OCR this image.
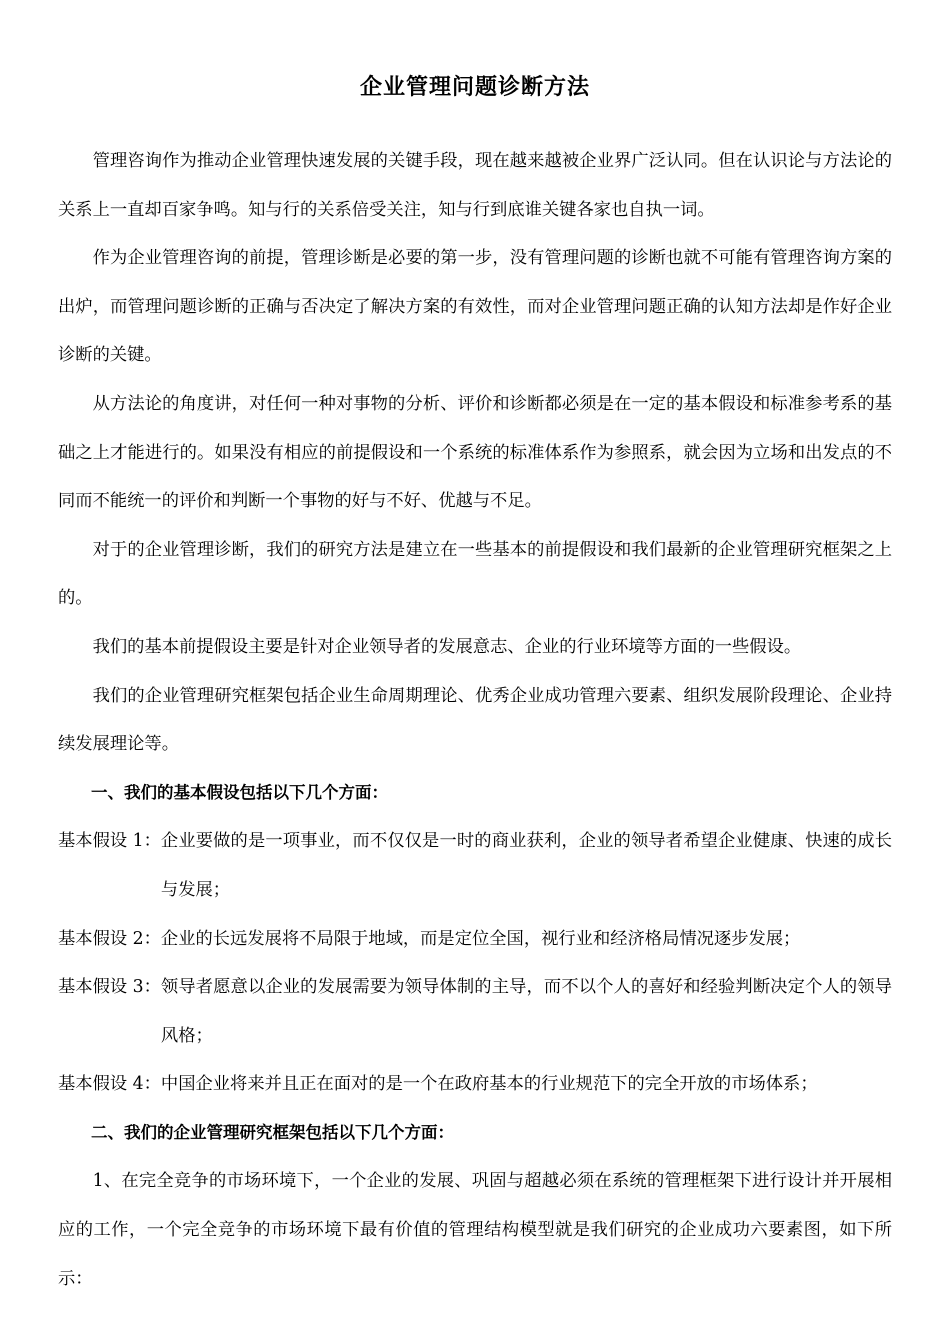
企业管理问题诊断方法

管理咨询作为推动企业管理快速发展的关键手段，现在越来越被企业界广泛认同。但在认识论与方法论的关系上一直却百家争鸣。知与行的关系倍受关注，知与行到底谁关键各家也自执一词。

作为企业管理咨询的前提，管理诊断是必要的第一步，没有管理问题的诊断也就不可能有管理咨询方案的出炉，而管理问题诊断的正确与否决定了解决方案的有效性，而对企业管理问题正确的认知方法却是作好企业诊断的关键。

从方法论的角度讲，对任何一种对事物的分析、评价和诊断都必须是在一定的基本假设和标准参考系的基础之上才能进行的。如果没有相应的前提假设和一个系统的标准体系作为参照系，就会因为立场和出发点的不同而不能统一的评价和判断一个事物的好与不好、优越与不足。

对于的企业管理诊断，我们的研究方法是建立在一些基本的前提假设和我们最新的企业管理研究框架之上的。

我们的基本前提假设主要是针对企业领导者的发展意志、企业的行业环境等方面的一些假设。

我们的企业管理研究框架包括企业生命周期理论、优秀企业成功管理六要素、组织发展阶段理论、企业持续发展理论等。

一、我们的基本假设包括以下几个方面：

基本假设 1： 企业要做的是一项事业，而不仅仅是一时的商业获利，企业的领导者希望企业健康、快速的成长与发展；
基本假设 2： 企业的长远发展将不局限于地域，而是定位全国，视行业和经济格局情况逐步发展；
基本假设 3： 领导者愿意以企业的发展需要为领导体制的主导，而不以个人的喜好和经验判断决定个人的领导风格；
基本假设 4： 中国企业将来并且正在面对的是一个在政府基本的行业规范下的完全开放的市场体系；

二、我们的企业管理研究框架包括以下几个方面：

1、在完全竞争的市场环境下，一个企业的发展、巩固与超越必须在系统的管理框架下进行设计并开展相应的工作，一个完全竞争的市场环境下最有价值的管理结构模型就是我们研究的企业成功六要素图，如下所示：
